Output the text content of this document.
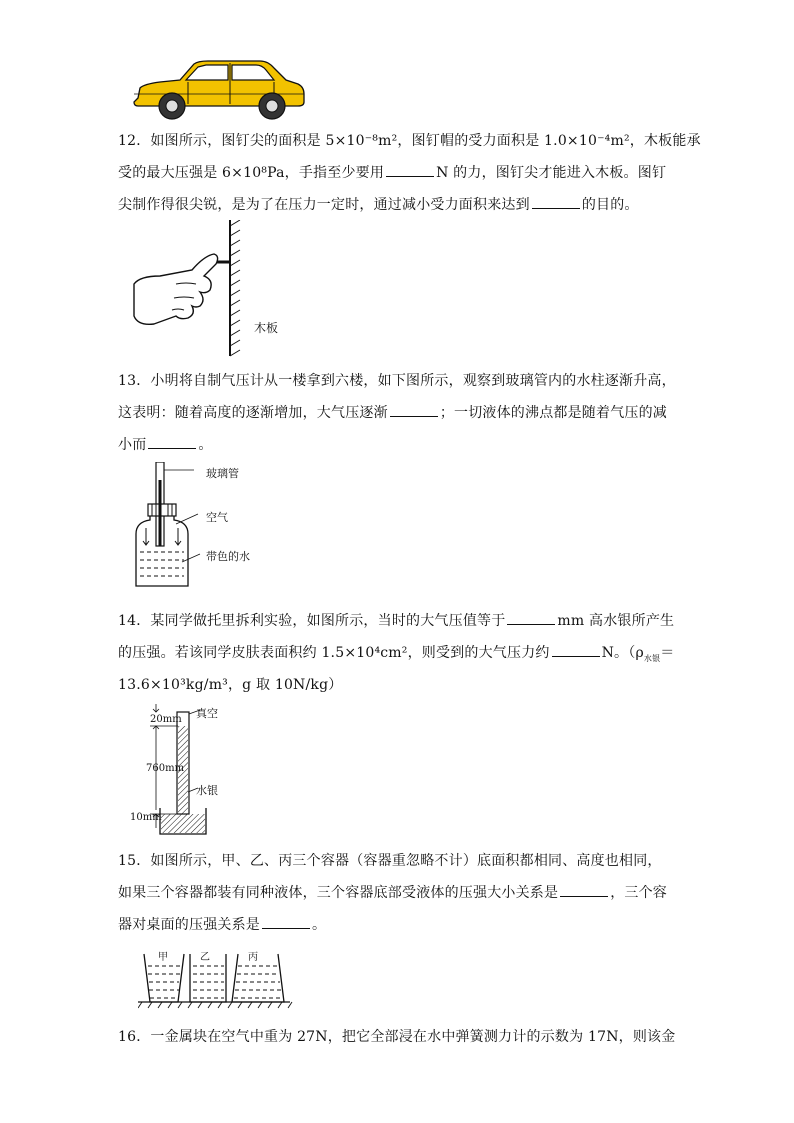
12．如图所示，图钉尖的面积是 5×10⁻⁸m²，图钉帽的受力面积是 1.0×10⁻⁴m²，木板能承
受的最大压强是 6×10⁸Pa，手指至少要用	N 的力，图钉尖才能进入木板。图钉
尖制作得很尖锐，是为了在压力一定时，通过减小受力面积来达到	的目的。
木板
13．小明将自制气压计从一楼拿到六楼，如下图所示，观察到玻璃管内的水柱逐渐升高，
这表明：随着高度的逐渐增加，大气压逐渐	；一切液体的沸点都是随着气压的减
小而	。
玻璃管
空气
带色的水
14．某同学做托里拆利实验，如图所示，当时的大气压值等于	mm 高水银所产生
的压强。若该同学皮肤表面积约 1.5×10⁴cm²，则受到的大气压力约	N。（$\rho_{水银}=$
13.6×10³kg/m³，g 取 10N/kg）
20mm 真空
760mm
水银
10mm
15．如图所示，甲、乙、丙三个容器（容器重忽略不计）底面积都相同、高度也相同，
如果三个容器都装有同种液体，三个容器底部受液体的压强大小关系是	，三个容
器对桌面的压强关系是	。
甲	乙	丙
16．一金属块在空气中重为 27N，把它全部浸在水中弹簧测力计的示数为 17N，则该金
